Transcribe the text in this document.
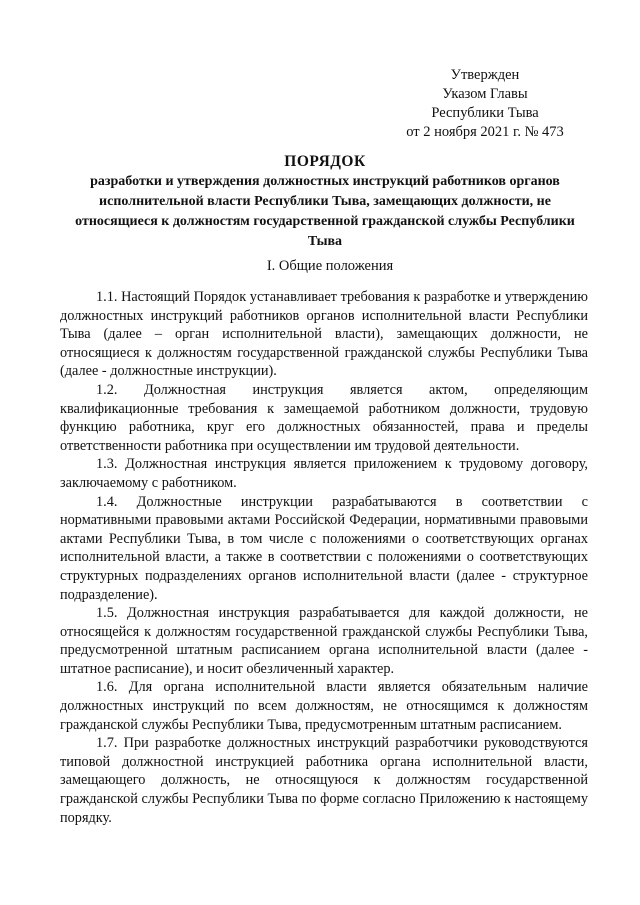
Утвержден
Указом Главы
Республики Тыва
от 2 ноября 2021 г. № 473
ПОРЯДОК
разработки и утверждения должностных инструкций работников органов исполнительной власти Республики Тыва, замещающих должности, не относящиеся к должностям государственной гражданской службы Республики Тыва
I. Общие положения

1.1. Настоящий Порядок устанавливает требования к разработке и утверждению должностных инструкций работников органов исполнительной власти Республики Тыва (далее – орган исполнительной власти), замещающих должности, не относящиеся к должностям государственной гражданской службы Республики Тыва (далее - должностные инструкции).

1.2. Должностная инструкция является актом, определяющим квалификационные требования к замещаемой работником должности, трудовую функцию работника, круг его должностных обязанностей, права и пределы ответственности работника при осуществлении им трудовой деятельности.

1.3. Должностная инструкция является приложением к трудовому договору, заключаемому с работником.

1.4. Должностные инструкции разрабатываются в соответствии с нормативными правовыми актами Российской Федерации, нормативными правовыми актами Республики Тыва, в том числе с положениями о соответствующих органах исполнительной власти, а также в соответствии с положениями о соответствующих структурных подразделениях органов исполнительной власти (далее - структурное подразделение).

1.5. Должностная инструкция разрабатывается для каждой должности, не относящейся к должностям государственной гражданской службы Республики Тыва, предусмотренной штатным расписанием органа исполнительной власти (далее - штатное расписание), и носит обезличенный характер.

1.6. Для органа исполнительной власти является обязательным наличие должностных инструкций по всем должностям, не относящимся к должностям гражданской службы Республики Тыва, предусмотренным штатным расписанием.

1.7. При разработке должностных инструкций разработчики руководствуются типовой должностной инструкцией работника органа исполнительной власти, замещающего должность, не относящуюся к должностям государственной гражданской службы Республики Тыва по форме согласно Приложению к настоящему порядку.
